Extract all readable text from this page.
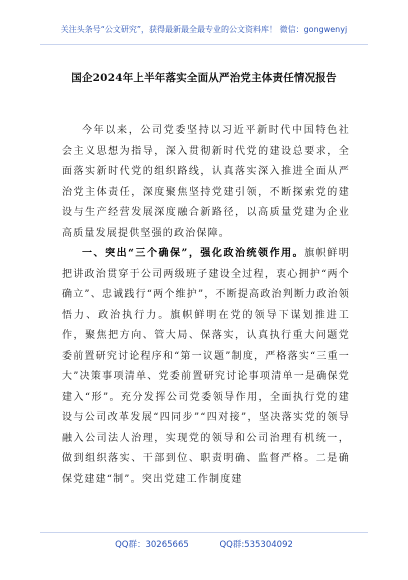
关注头条号“公文研究”，获得最新最全最专业的公文资料库！ 微信：gongwenyj
国企2024年上半年落实全面从严治党主体责任情况报告

今年以来，公司党委坚持以习近平新时代中国特色社会主义思想为指导，深入贯彻新时代党的建设总要求，全面落实新时代党的组织路线，认真落实深入推进全面从严治党主体责任，深度聚焦坚持党建引领，不断探索党的建设与生产经营发展深度融合新路径，以高质量党建为企业高质量发展提供坚强的政治保障。

一、突出“三个确保”，强化政治统领作用。旗帜鲜明把讲政治贯穿于公司两级班子建设全过程，衷心拥护“两个确立”、忠诚践行“两个维护”，不断提高政治判断力政治领悟力、政治执行力。旗帜鲜明在党的领导下谋划推进工作，聚焦把方向、管大局、保落实，认真执行重大问题党委前置研究讨论程序和“第一议题”制度，严格落实“三重一大”决策事项清单、党委前置研究讨论事项清单一是确保党建入“形”。充分发挥公司党委领导作用，全面执行党的建设与公司改革发展“四同步”“四对接”，坚决落实党的领导融入公司法人治理，实现党的领导和公司治理有机统一，做到组织落实、干部到位、职责明确、监督严格。二是确保党建建“制”。突出党建工作制度建

QQ群：30265665	QQ群:535304092
